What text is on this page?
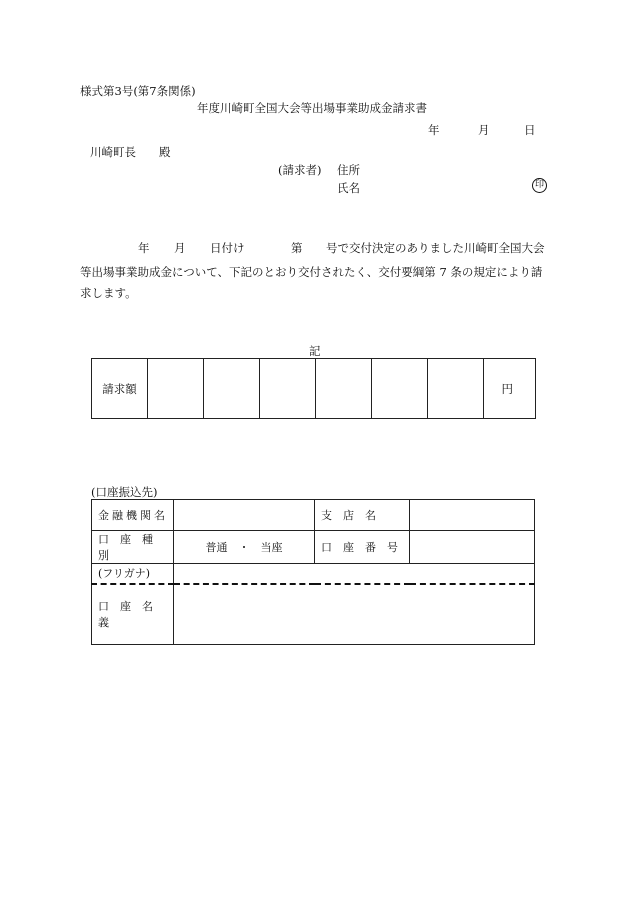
様式第3号(第7条関係)
年度川崎町全国大会等出場事業助成金請求書
年	月	日
川崎町長　　殿
(請求者) 住所
氏名	印
年 月 日付け	第 号で交付決定のありました川崎町全国大会
等出場事業助成金について、下記のとおり交付されたく、交付要綱第 7 条の規定により請
求します。
記
請求額							円
(口座振込先)
金融機関名		支　店　名	
口　座　種　別	普通　・　当座	口　座　番　号	
(フリガナ)			
口　座　名　義			
